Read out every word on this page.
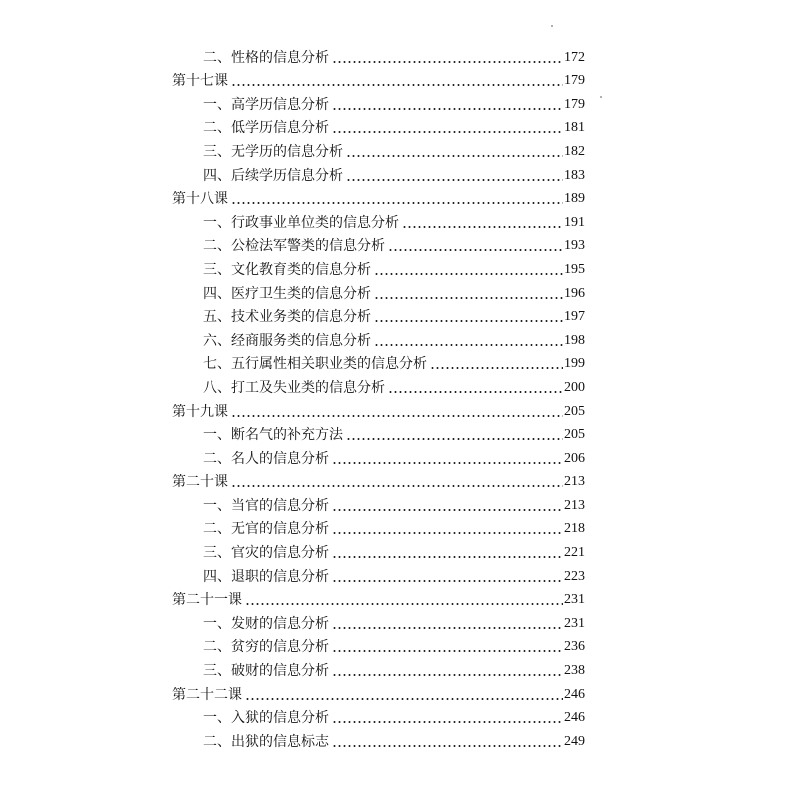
二、性格的信息分析	172
第十七课	179
一、高学历信息分析	179
二、低学历信息分析	181
三、无学历的信息分析	182
四、后续学历信息分析	183
第十八课	189
一、行政事业单位类的信息分析	191
二、公检法军警类的信息分析	193
三、文化教育类的信息分析	195
四、医疗卫生类的信息分析	196
五、技术业务类的信息分析	197
六、经商服务类的信息分析	198
七、五行属性相关职业类的信息分析	199
八、打工及失业类的信息分析	200
第十九课	205
一、断名气的补充方法	205
二、名人的信息分析	206
第二十课	213
一、当官的信息分析	213
二、无官的信息分析	218
三、官灾的信息分析	221
四、退职的信息分析	223
第二十一课	231
一、发财的信息分析	231
二、贫穷的信息分析	236
三、破财的信息分析	238
第二十二课	246
一、入狱的信息分析	246
二、出狱的信息标志	249
